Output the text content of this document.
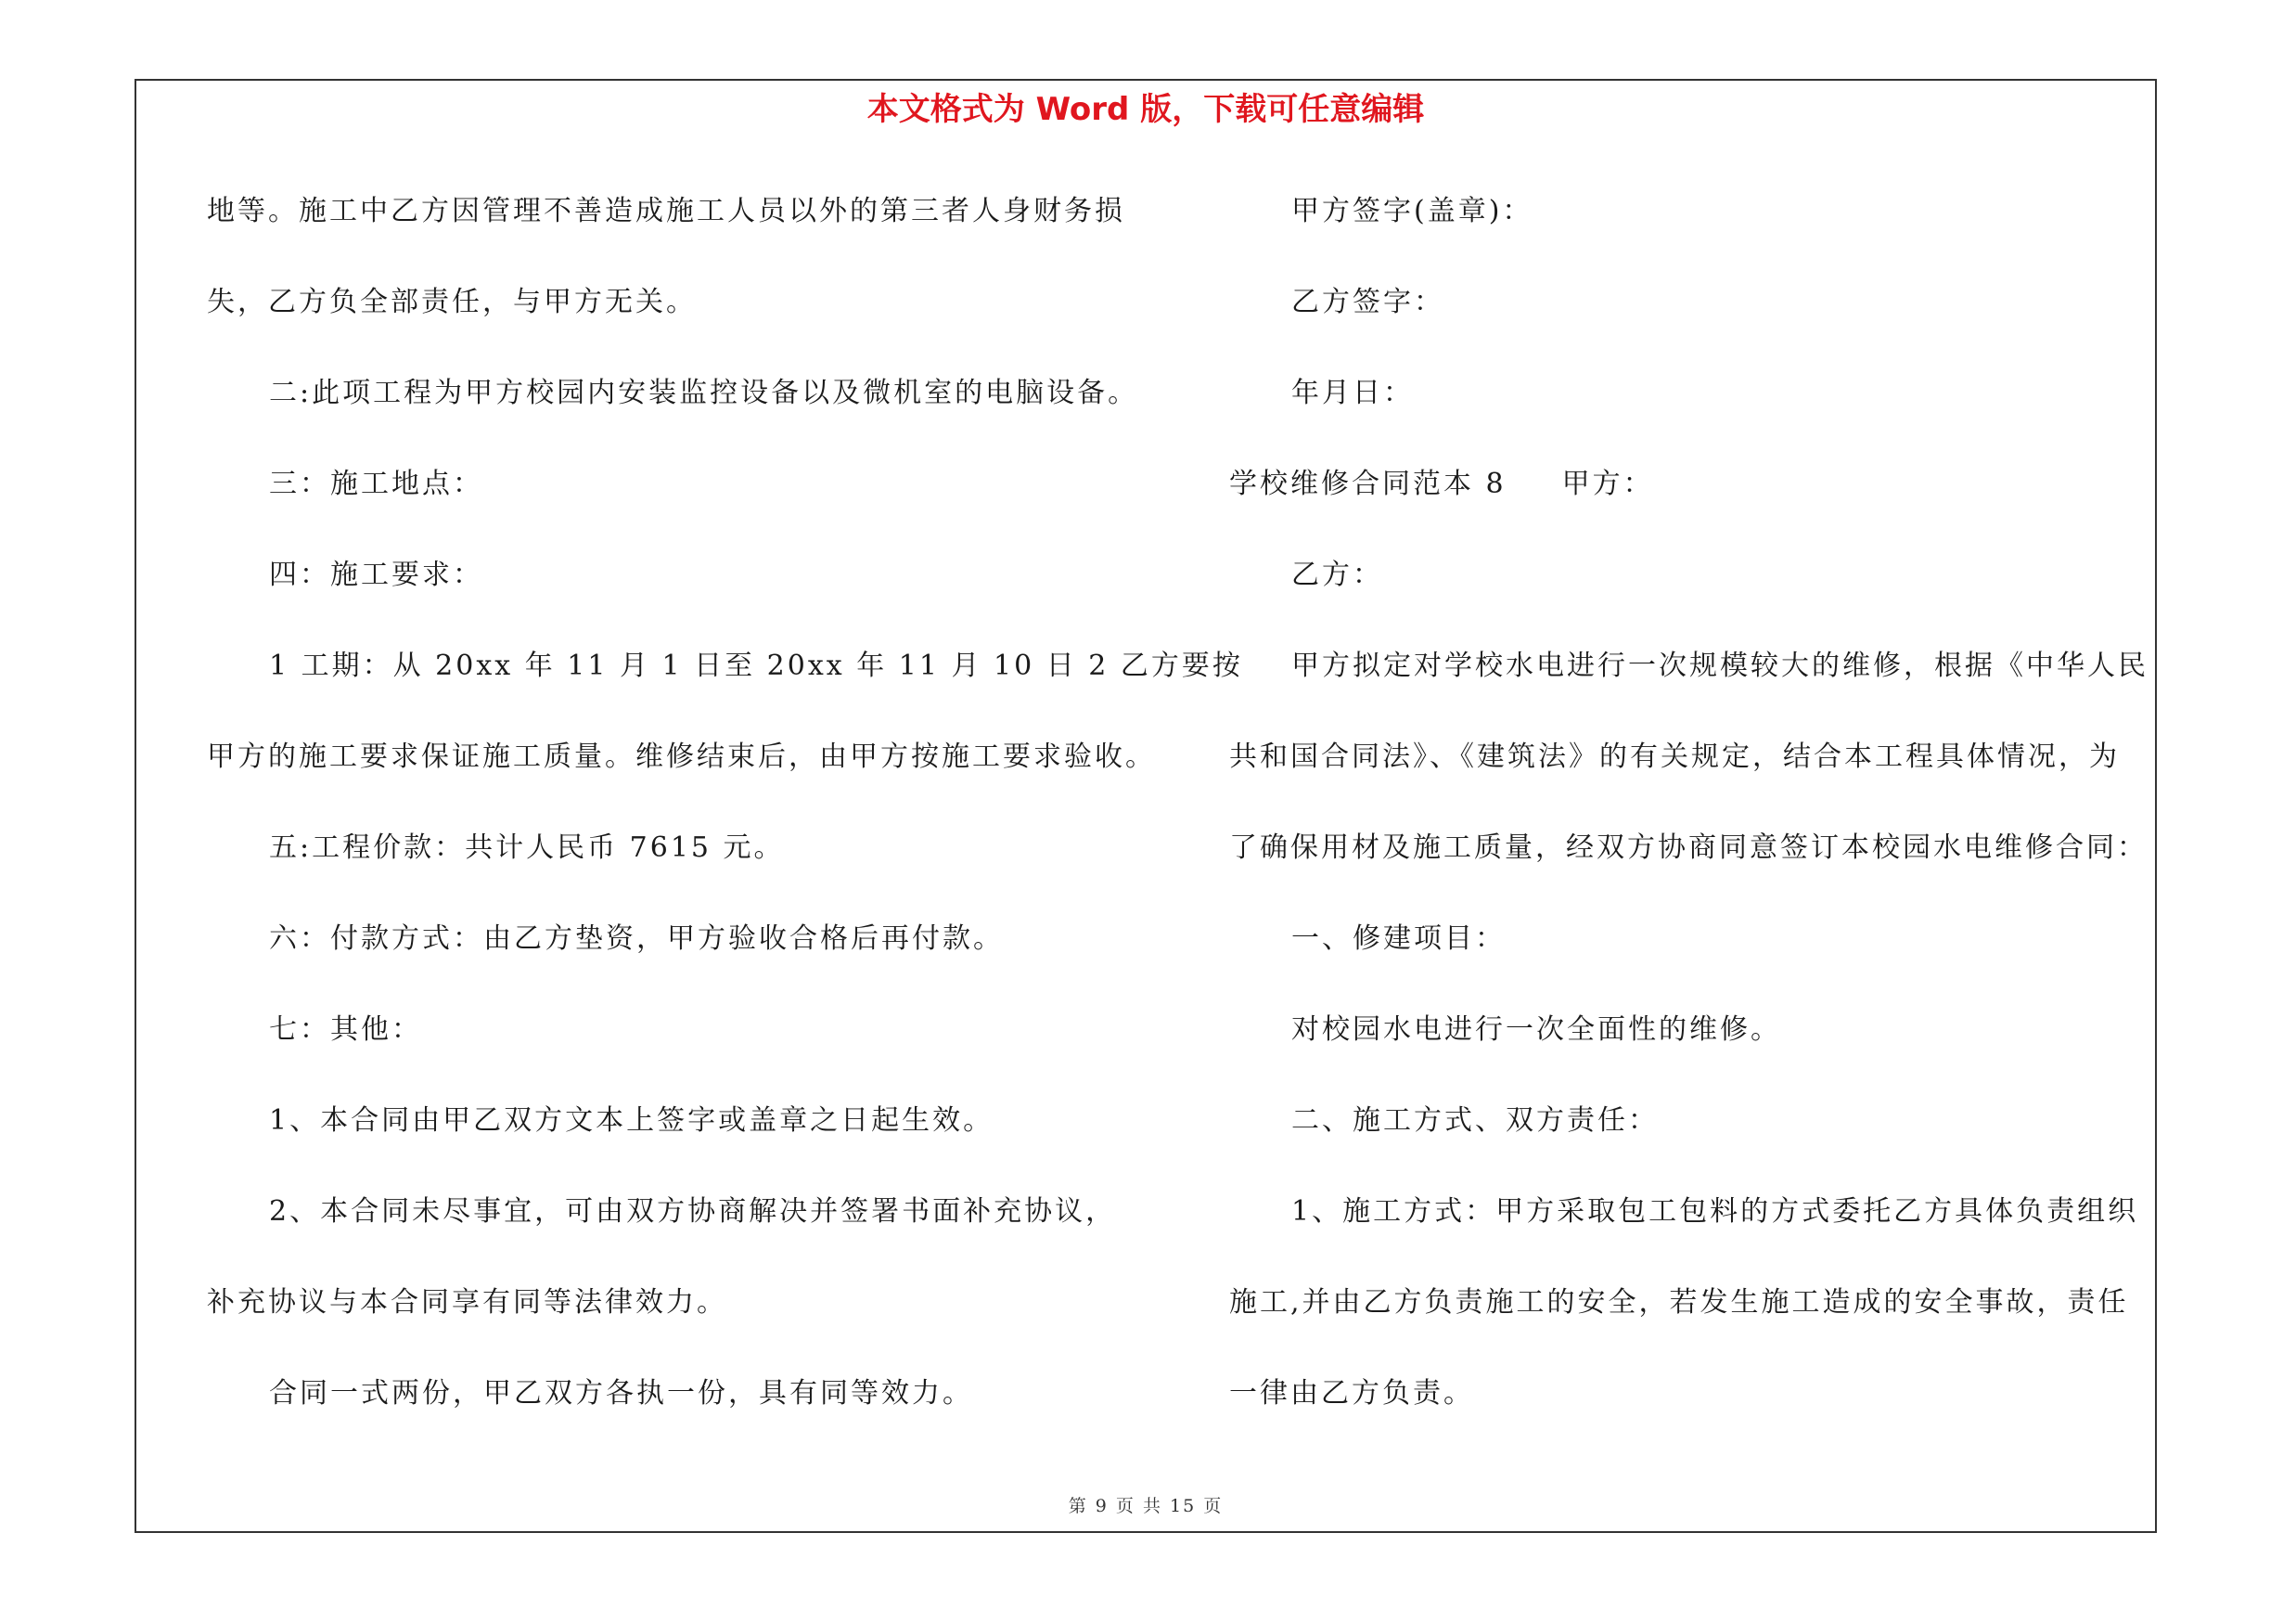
本文格式为 Word 版，下载可任意编辑
地等。施工中乙方因管理不善造成施工人员以外的第三者人身财务损
失，乙方负全部责任，与甲方无关。
二:此项工程为甲方校园内安装监控设备以及微机室的电脑设备。
三：施工地点：
四：施工要求：
1 工期：从 20xx 年 11 月 1 日至 20xx 年 11 月 10 日 2 乙方要按
甲方的施工要求保证施工质量。维修结束后，由甲方按施工要求验收。
五:工程价款：共计人民币 7615 元。
六：付款方式：由乙方垫资，甲方验收合格后再付款。
七：其他：
1、本合同由甲乙双方文本上签字或盖章之日起生效。
2、本合同未尽事宜，可由双方协商解决并签署书面补充协议，
补充协议与本合同享有同等法律效力。
合同一式两份，甲乙双方各执一份，具有同等效力。
甲方签字(盖章)：
乙方签字：
年月日：
学校维修合同范本 8 甲方：
乙方：
甲方拟定对学校水电进行一次规模较大的维修，根据《中华人民
共和国合同法》、《建筑法》的有关规定，结合本工程具体情况，为
了确保用材及施工质量，经双方协商同意签订本校园水电维修合同：
一、修建项目：
对校园水电进行一次全面性的维修。
二、施工方式、双方责任：
1、施工方式：甲方采取包工包料的方式委托乙方具体负责组织
施工,并由乙方负责施工的安全，若发生施工造成的安全事故，责任
一律由乙方负责。
第 9 页 共 15 页
